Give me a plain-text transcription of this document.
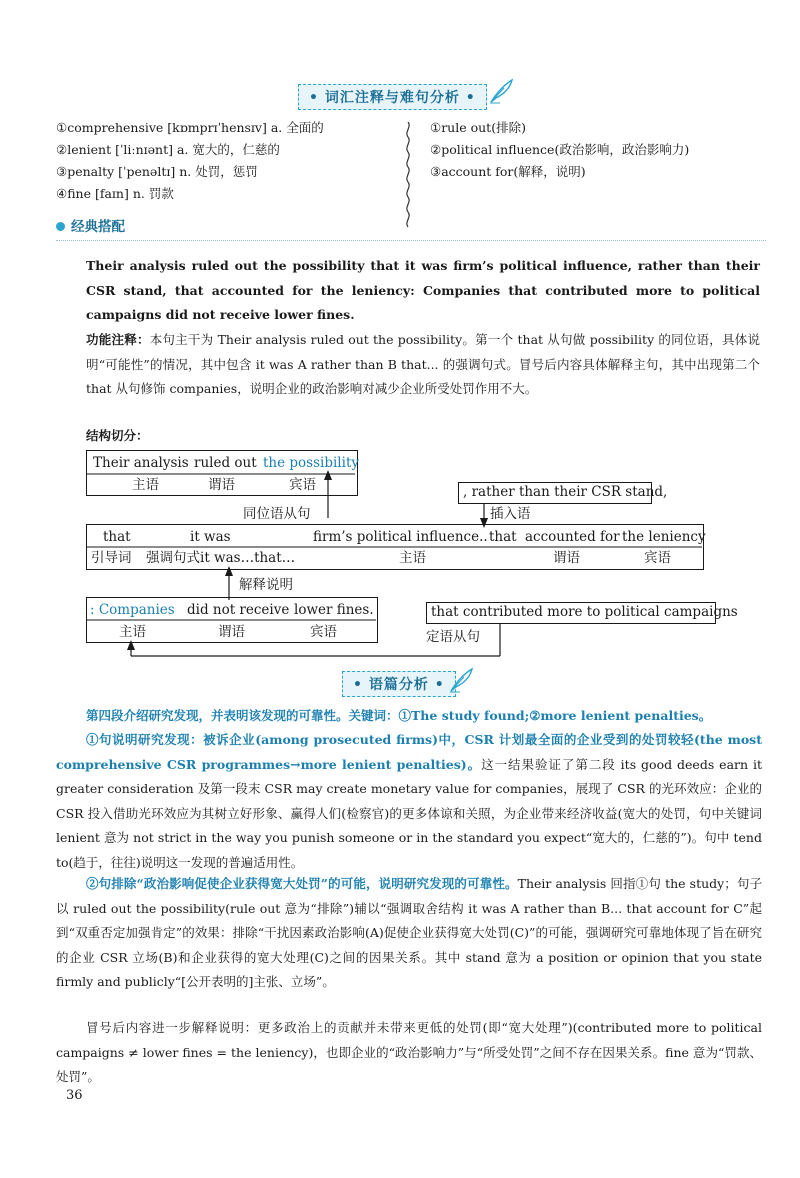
• 词汇注释与难句分析 •
①comprehensive [kɒmprɪˈhensɪv] a. 全面的
②lenient [ˈliːnɪənt] a. 宽大的，仁慈的
③penalty [ˈpenəltɪ] n. 处罚，惩罚
④fine [faɪn] n. 罚款
①rule out(排除)
②political influence(政治影响，政治影响力)
③account for(解释，说明)
经典搭配
Their analysis ruled out the possibility that it was firm’s political influence, rather than their CSR stand, that accounted for the leniency: Companies that contributed more to political campaigns did not receive lower fines.
功能注释：本句主干为 Their analysis ruled out the possibility。第一个 that 从句做 possibility 的同位语，具体说明“可能性”的情况，其中包含 it was A rather than B that... 的强调句式。冒号后内容具体解释主句，其中出现第二个 that 从句修饰 companies，说明企业的政治影响对减少企业所受处罚作用不大。
结构切分：
Their analysis ruled out the possibility
主语	谓语	宾语
同位语从句
, rather than their CSR stand,
插入语
that	it was	firm’s political influence.. that accounted for the leniency
引导词 强调句式it was…that…	主语	谓语	宾语
解释说明
: Companies did not receive lower fines.
主语	谓语	宾语
that contributed more to political campaigns
定语从句
• 语篇分析 •
第四段介绍研究发现，并表明该发现的可靠性。关键词：①The study found;②more lenient penalties。
①句说明研究发现：被诉企业(among prosecuted firms)中，CSR 计划最全面的企业受到的处罚较轻(the most comprehensive CSR programmes→more lenient penalties)。这一结果验证了第二段 its good deeds earn it greater consideration 及第一段末 CSR may create monetary value for companies，展现了 CSR 的光环效应：企业的 CSR 投入借助光环效应为其树立好形象、赢得人们(检察官)的更多体谅和关照，为企业带来经济收益(宽大的处罚，句中关键词 lenient 意为 not strict in the way you punish someone or in the standard you expect“宽大的，仁慈的”)。句中 tend to(趋于，往往)说明这一发现的普遍适用性。
②句排除“政治影响促使企业获得宽大处罚”的可能，说明研究发现的可靠性。Their analysis 回指①句 the study；句子以 ruled out the possibility(rule out 意为“排除”)辅以“强调取舍结构 it was A rather than B... that account for C”起到“双重否定加强肯定”的效果：排除“干扰因素政治影响(A)促使企业获得宽大处罚(C)”的可能，强调研究可靠地体现了旨在研究的企业 CSR 立场(B)和企业获得的宽大处理(C)之间的因果关系。其中 stand 意为 a position or opinion that you state firmly and publicly“[公开表明的]主张、立场”。
冒号后内容进一步解释说明：更多政治上的贡献并未带来更低的处罚(即“宽大处理”)(contributed more to political campaigns ≠ lower fines = the leniency)，也即企业的“政治影响力”与“所受处罚”之间不存在因果关系。fine 意为“罚款、处罚”。
36
